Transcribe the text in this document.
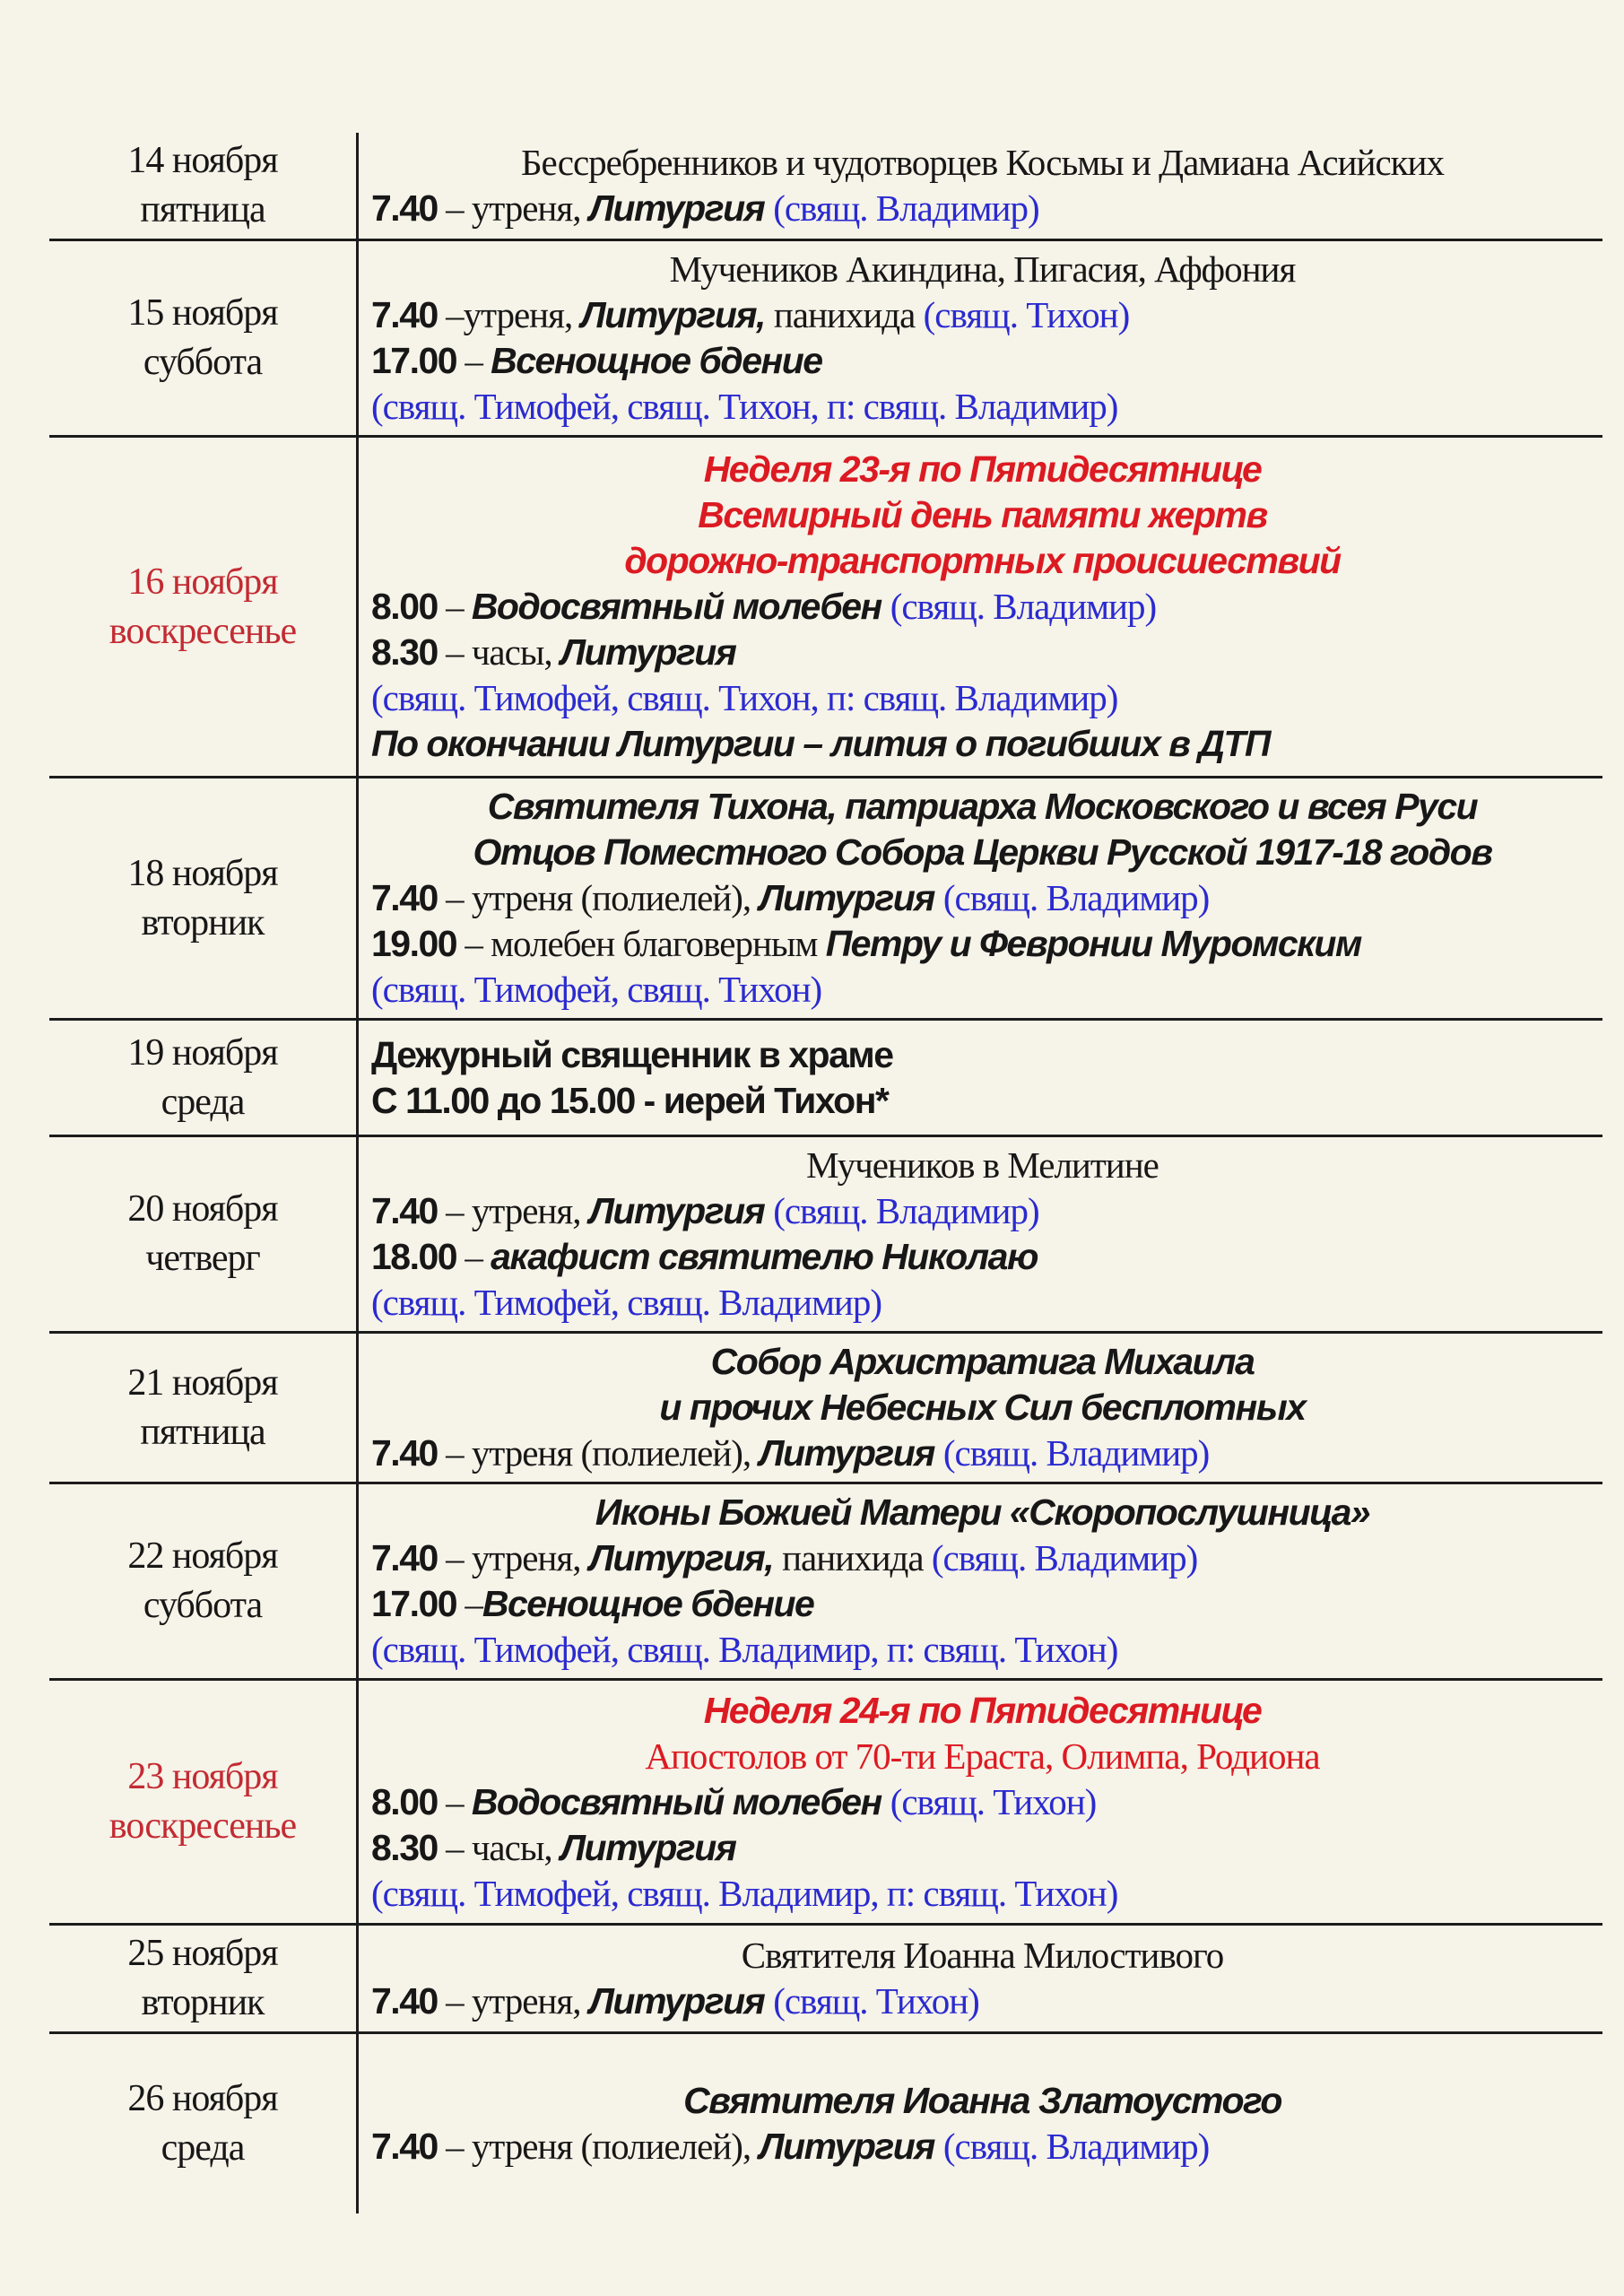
14 ноября
пятница
Бессребренников и чудотворцев Косьмы и Дамиана Асийских
7.40 – утреня, Литургия (свящ. Владимир)
15 ноября
суббота
Мучеников Акиндина, Пигасия, Аффония
7.40 –утреня, Литургия, панихида (свящ. Тихон)
17.00 – Всенощное бдение
(свящ. Тимофей, свящ. Тихон, п: свящ. Владимир)
16 ноября
воскресенье
Неделя 23-я по Пятидесятнице
Всемирный день памяти жертв
дорожно-транспортных происшествий
8.00 – Водосвятный молебен (свящ. Владимир)
8.30 – часы, Литургия
(свящ. Тимофей, свящ. Тихон, п: свящ. Владимир)
По окончании Литургии – лития о погибших в ДТП
18 ноября
вторник
Святителя Тихона, патриарха Московского и всея Руси
Отцов Поместного Собора Церкви Русской 1917-18 годов
7.40 – утреня (полиелей), Литургия (свящ. Владимир)
19.00 – молебен благоверным Петру и Февронии Муромским
(свящ. Тимофей, свящ. Тихон)
19 ноября
среда
Дежурный священник в храме
С 11.00 до 15.00 - иерей Тихон*
20 ноября
четверг
Мучеников в Мелитине
7.40 – утреня, Литургия (свящ. Владимир)
18.00 – акафист святителю Николаю
(свящ. Тимофей, свящ. Владимир)
21 ноября
пятница
Собор Архистратига Михаила
и прочих Небесных Сил бесплотных
7.40 – утреня (полиелей), Литургия (свящ. Владимир)
22 ноября
суббота
Иконы Божией Матери «Скоропослушница»
7.40 – утреня, Литургия, панихида (свящ. Владимир)
17.00 –Всенощное бдение
(свящ. Тимофей, свящ. Владимир, п: свящ. Тихон)
23 ноября
воскресенье
Неделя 24-я по Пятидесятнице
Апостолов от 70-ти Ераста, Олимпа, Родиона
8.00 – Водосвятный молебен (свящ. Тихон)
8.30 – часы, Литургия
(свящ. Тимофей, свящ. Владимир, п: свящ. Тихон)
25 ноября
вторник
Святителя Иоанна Милостивого
7.40 – утреня, Литургия (свящ. Тихон)
26 ноября
среда
Святителя Иоанна Златоустого
7.40 – утреня (полиелей), Литургия (свящ. Владимир)
